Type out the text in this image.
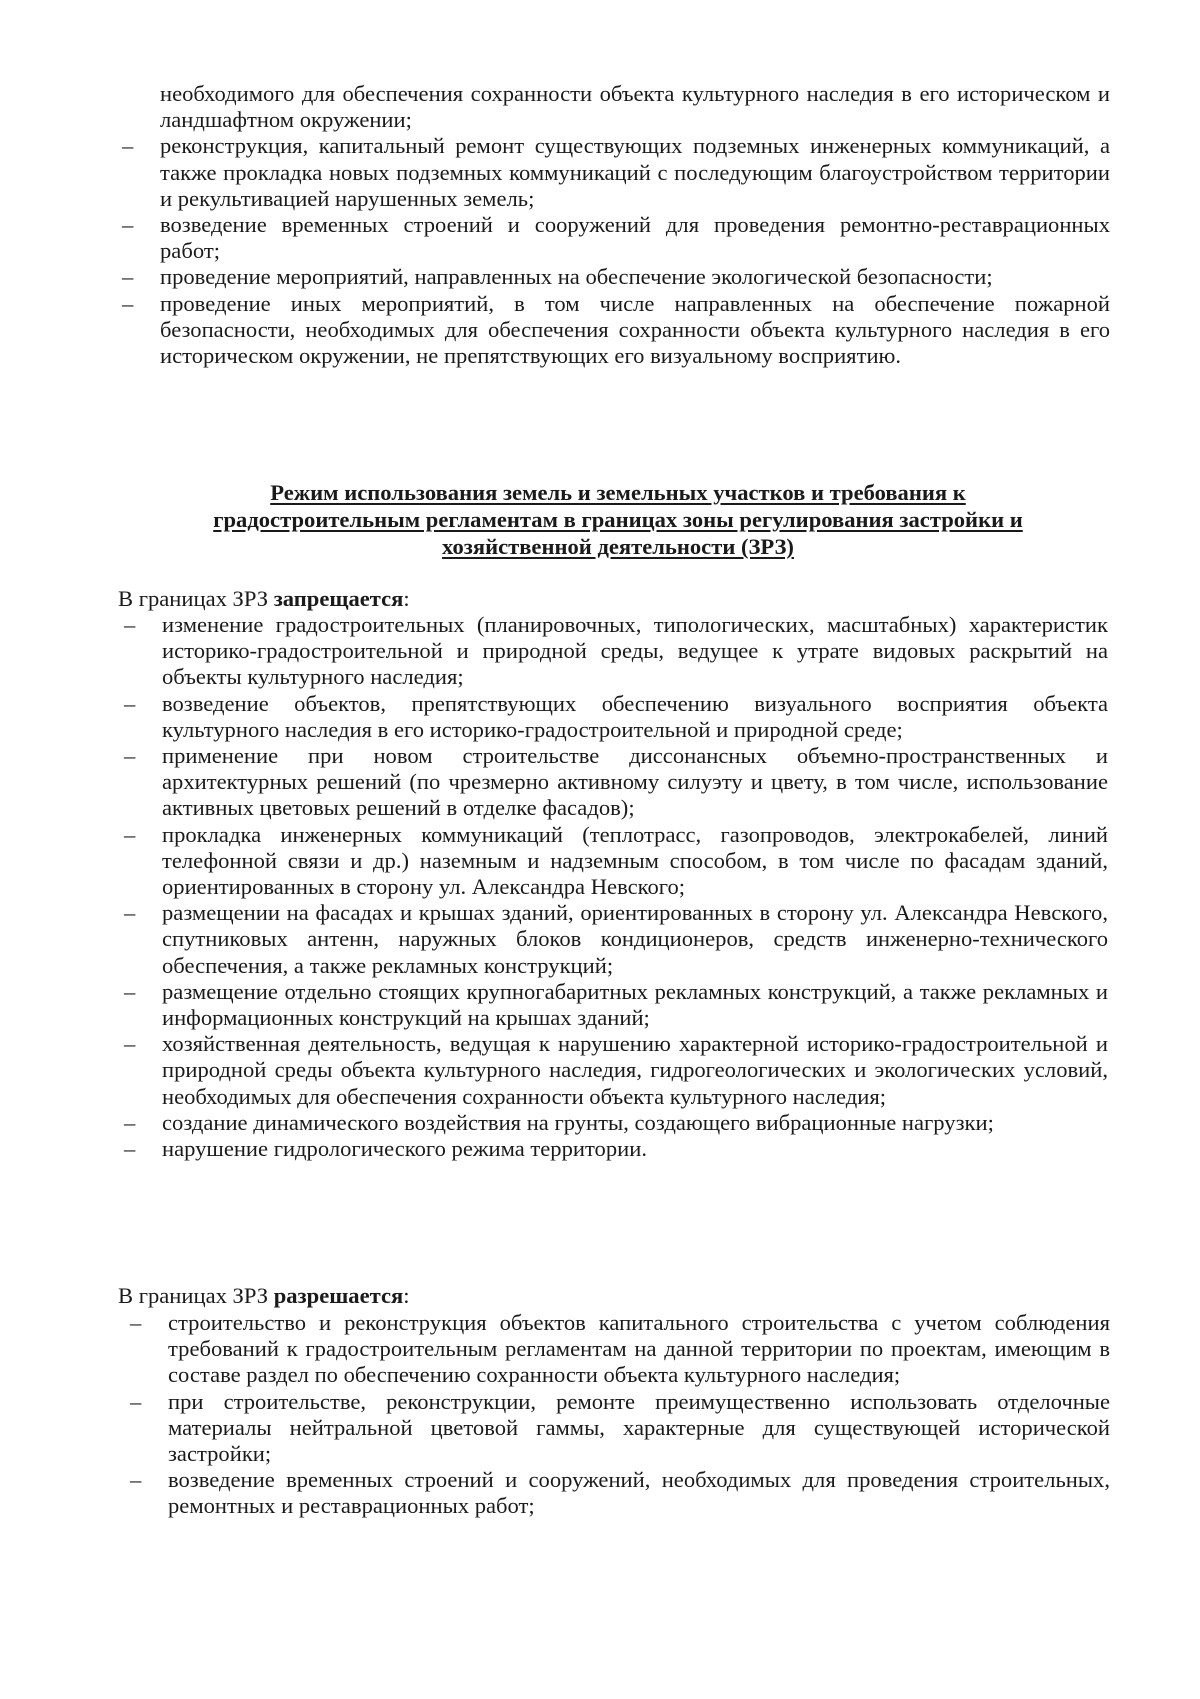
необходимого для обеспечения сохранности объекта культурного наследия в его историческом и ландшафтном окружении;

– реконструкция, капитальный ремонт существующих подземных инженерных коммуникаций, а также прокладка новых подземных коммуникаций с последующим благоустройством территории и рекультивацией нарушенных земель;

– возведение временных строений и сооружений для проведения ремонтно-реставрационных работ;

– проведение мероприятий, направленных на обеспечение экологической безопасности;

– проведение иных мероприятий, в том числе направленных на обеспечение пожарной безопасности, необходимых для обеспечения сохранности объекта культурного наследия в его историческом окружении, не препятствующих его визуальному восприятию.

Режим использования земель и земельных участков и требования к
градостроительным регламентам в границах зоны регулирования застройки и
хозяйственной деятельности (ЗРЗ)
В границах ЗРЗ запрещается:

– изменение градостроительных (планировочных, типологических, масштабных) характеристик историко-градостроительной и природной среды, ведущее к утрате видовых раскрытий на объекты культурного наследия;

– возведение объектов, препятствующих обеспечению визуального восприятия объекта культурного наследия в его историко-градостроительной и природной среде;

– применение при новом строительстве диссонансных объемно-пространственных и архитектурных решений (по чрезмерно активному силуэту и цвету, в том числе, использование активных цветовых решений в отделке фасадов);

– прокладка инженерных коммуникаций (теплотрасс, газопроводов, электрокабелей, линий телефонной связи и др.) наземным и надземным способом, в том числе по фасадам зданий, ориентированных в сторону ул. Александра Невского;

– размещении на фасадах и крышах зданий, ориентированных в сторону ул. Александра Невского, спутниковых антенн, наружных блоков кондиционеров, средств инженерно-технического обеспечения, а также рекламных конструкций;

– размещение отдельно стоящих крупногабаритных рекламных конструкций, а также рекламных и информационных конструкций на крышах зданий;

– хозяйственная деятельность, ведущая к нарушению характерной историко-градостроительной и природной среды объекта культурного наследия, гидрогеологических и экологических условий, необходимых для обеспечения сохранности объекта культурного наследия;

– создание динамического воздействия на грунты, создающего вибрационные нагрузки;

– нарушение гидрологического режима территории.

В границах ЗРЗ разрешается:

– строительство и реконструкция объектов капитального строительства с учетом соблюдения требований к градостроительным регламентам на данной территории по проектам, имеющим в составе раздел по обеспечению сохранности объекта культурного наследия;

– при строительстве, реконструкции, ремонте преимущественно использовать отделочные материалы нейтральной цветовой гаммы, характерные для существующей исторической застройки;

– возведение временных строений и сооружений, необходимых для проведения строительных, ремонтных и реставрационных работ;
